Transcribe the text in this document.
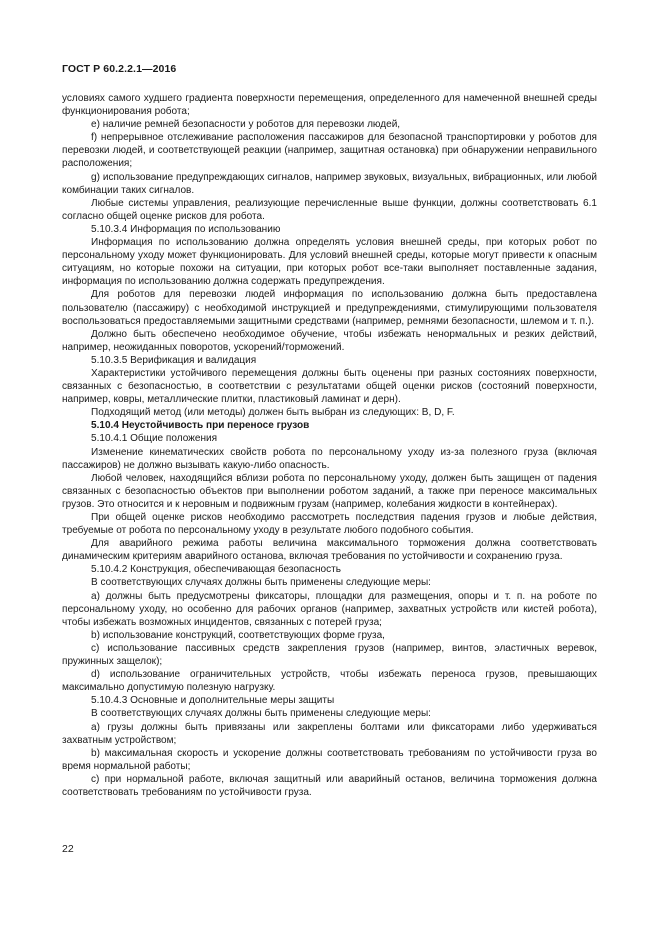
ГОСТ Р 60.2.2.1—2016

условиях самого худшего градиента поверхности перемещения, определенного для намеченной внешней среды функционирования робота;

e) наличие ремней безопасности у роботов для перевозки людей,

f) непрерывное отслеживание расположения пассажиров для безопасной транспортировки у роботов для перевозки людей, и соответствующей реакции (например, защитная остановка) при обнаружении неправильного расположения;

g) использование предупреждающих сигналов, например звуковых, визуальных, вибрационных, или любой комбинации таких сигналов.

Любые системы управления, реализующие перечисленные выше функции, должны соответствовать 6.1 согласно общей оценке рисков для робота.

5.10.3.4 Информация по использованию

Информация по использованию должна определять условия внешней среды, при которых робот по персональному уходу может функционировать. Для условий внешней среды, которые могут привести к опасным ситуациям, но которые похожи на ситуации, при которых робот все-таки выполняет поставленные задания, информация по использованию должна содержать предупреждения.

Для роботов для перевозки людей информация по использованию должна быть предоставлена пользователю (пассажиру) с необходимой инструкцией и предупреждениями, стимулирующими пользователя воспользоваться предоставляемыми защитными средствами (например, ремнями безопасности, шлемом и т. п.).

Должно быть обеспечено необходимое обучение, чтобы избежать ненормальных и резких действий, например, неожиданных поворотов, ускорений/торможений.

5.10.3.5 Верификация и валидация

Характеристики устойчивого перемещения должны быть оценены при разных состояниях поверхности, связанных с безопасностью, в соответствии с результатами общей оценки рисков (состояний поверхности, например, ковры, металлические плитки, пластиковый ламинат и дерн).

Подходящий метод (или методы) должен быть выбран из следующих: B, D, F.

5.10.4 Неустойчивость при переносе грузов

5.10.4.1 Общие положения

Изменение кинематических свойств робота по персональному уходу из-за полезного груза (включая пассажиров) не должно вызывать какую-либо опасность.

Любой человек, находящийся вблизи робота по персональному уходу, должен быть защищен от падения связанных с безопасностью объектов при выполнении роботом заданий, а также при переносе максимальных грузов. Это относится и к неровным и подвижным грузам (например, колебания жидкости в контейнерах).

При общей оценке рисков необходимо рассмотреть последствия падения грузов и любые действия, требуемые от робота по персональному уходу в результате любого подобного события.

Для аварийного режима работы величина максимального торможения должна соответствовать динамическим критериям аварийного останова, включая требования по устойчивости и сохранению груза.

5.10.4.2 Конструкция, обеспечивающая безопасность

В соответствующих случаях должны быть применены следующие меры:

а) должны быть предусмотрены фиксаторы, площадки для размещения, опоры и т. п. на роботе по персональному уходу, но особенно для рабочих органов (например, захватных устройств или кистей робота), чтобы избежать возможных инцидентов, связанных с потерей груза;

b) использование конструкций, соответствующих форме груза,

c) использование пассивных средств закрепления грузов (например, винтов, эластичных веревок, пружинных защелок);

d) использование ограничительных устройств, чтобы избежать переноса грузов, превышающих максимально допустимую полезную нагрузку.

5.10.4.3 Основные и дополнительные меры защиты

В соответствующих случаях должны быть применены следующие меры:

а) грузы должны быть привязаны или закреплены болтами или фиксаторами либо удерживаться захватным устройством;

b) максимальная скорость и ускорение должны соответствовать требованиям по устойчивости груза во время нормальной работы;

c) при нормальной работе, включая защитный или аварийный останов, величина торможения должна соответствовать требованиям по устойчивости груза.

22
